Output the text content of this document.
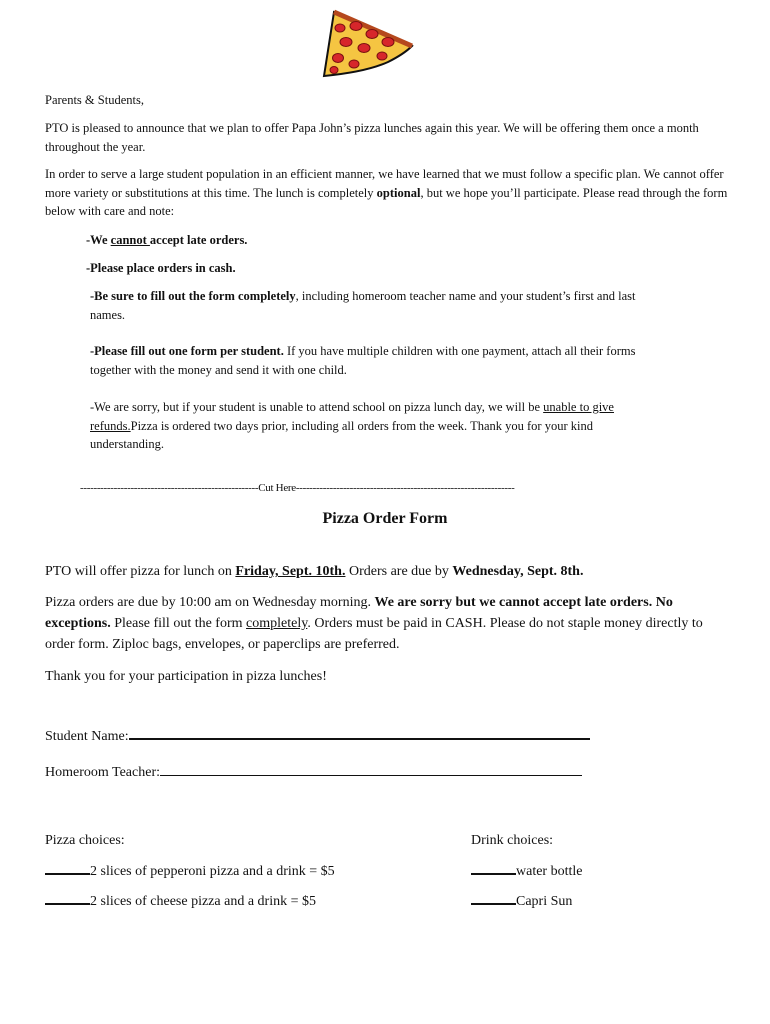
Parents & Students,
PTO is pleased to announce that we plan to offer Papa John’s pizza lunches again this year. We will be offering them once a month throughout the year.
In order to serve a large student population in an efficient manner, we have learned that we must follow a specific plan. We cannot offer more variety or substitutions at this time. The lunch is completely optional, but we hope you’ll participate. Please read through the form below with care and note:
-We cannot accept late orders.
-Please place orders in cash.
-Be sure to fill out the form completely, including homeroom teacher name and your student’s first and last names.
-Please fill out one form per student. If you have multiple children with one payment, attach all their forms together with the money and send it with one child.
-We are sorry, but if your student is unable to attend school on pizza lunch day, we will be unable to give refunds.Pizza is ordered two days prior, including all orders from the week. Thank you for your kind understanding.
-----------------------------------------------------Cut Here-----------------------------------------------------------------
Pizza Order Form
PTO will offer pizza for lunch on Friday, Sept. 10th. Orders are due by Wednesday, Sept. 8th.
Pizza orders are due by 10:00 am on Wednesday morning. We are sorry but we cannot accept late orders. No exceptions. Please fill out the form completely. Orders must be paid in CASH. Please do not staple money directly to order form. Ziploc bags, envelopes, or paperclips are preferred.
Thank you for your participation in pizza lunches!
Student Name:
Homeroom Teacher:
Pizza choices:	Drink choices:
2 slices of pepperoni pizza and a drink = $5
2 slices of cheese pizza and a drink = $5
water bottle
Capri Sun
